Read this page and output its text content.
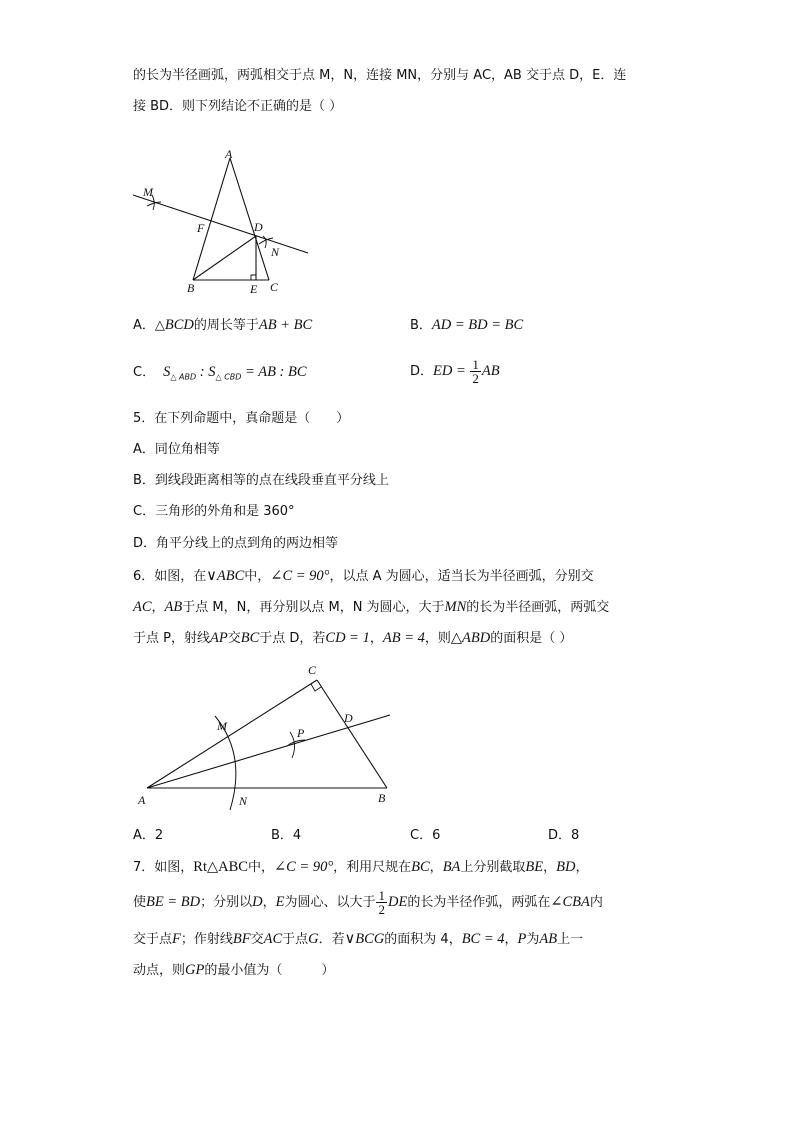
的长为半径画弧，两弧相交于点 M，N，连接 MN，分别与 AC，AB 交于点 D，E．连
接 BD．则下列结论不正确的是（ ）
A
M
F	D
N
B	E C
A．△BCD的周长等于AB + BC	B．AD = BD = BC
C． $S_{\triangle ABD}$ : $S_{\triangle CBD}$ = AB : BC	D．ED = $\frac{1}{2}$ AB
5．在下列命题中，真命题是（　　）
A．同位角相等
B．到线段距离相等的点在线段垂直平分线上
C．三角形的外角和是 360°
D．角平分线上的点到角的两边相等
6．如图，在∨ABC中，∠C = 90°，以点 A 为圆心，适当长为半径画弧，分别交
AC，AB于点 M，N，再分别以点 M，N 为圆心，大于MN的长为半径画弧，两弧交
于点 P，射线AP交BC于点 D，若CD = 1，AB = 4，则△ABD的面积是（ ）
C
M
D
P
A	N	B
A．2	B．4	C．6	D．8
7．如图，Rt△ABC中，∠C = 90°，利用尺规在BC，BA上分别截取BE，BD，
使BE = BD；分别以D，E为圆心、以大于 $\frac{1}{2}$ DE的长为半径作弧，两弧在∠CBA内
交于点F；作射线BF交AC于点G．若∨BCG的面积为 4，BC = 4，P为AB上一
动点，则GP的最小值为（　　　）
